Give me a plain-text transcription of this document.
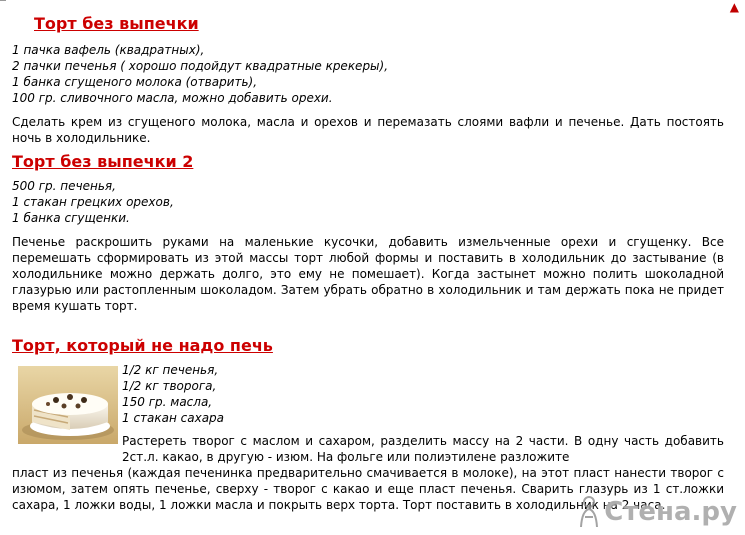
▲
Торт без выпечки
1 пачка вафель (квадратных),
2 пачки печенья ( хорошо подойдут квадратные крекеры),
1 банка сгущеного молока (отварить),
100 гр. сливочного масла, можно добавить орехи.

Сделать крем из сгущеного молока, масла и орехов и перемазать слоями вафли и печенье. Дать постоять ночь в холодильнике.

Торт без выпечки 2
500 гр. печенья,
1 стакан грецких орехов,
1 банка сгущенки.

Печенье раскрошить руками на маленькие кусочки, добавить измельченные орехи и сгущенку. Все перемешать сформировать из этой массы торт любой формы и поставить в холодильник до застывание (в холодильнике можно держать долго, это ему не помешает). Когда застынет можно полить шоколадной глазурью или растопленным шоколадом. Затем убрать обратно в холодильник и там держать пока не придет время кушать торт.

Торт, который не надо печь
1/2 кг печенья,
1/2 кг творога,
150 гр. масла,
1 стакан сахара

Растереть творог с маслом и сахаром, разделить массу на 2 части. В одну часть добавить 2ст.л. какао, в другую - изюм. На фольге или полиэтилене разложите

пласт из печенья (каждая печенинка предварительно смачивается в молоке), на этот пласт нанести творог с изюмом, затем опять печенье, сверху - творог с какао и еще пласт печенья. Сварить глазурь из 1 ст.ложки сахара, 1 ложки воды, 1 ложки масла и покрыть верх торта. Торт поставить в холодильник на 2 часа.

Стена.ру
